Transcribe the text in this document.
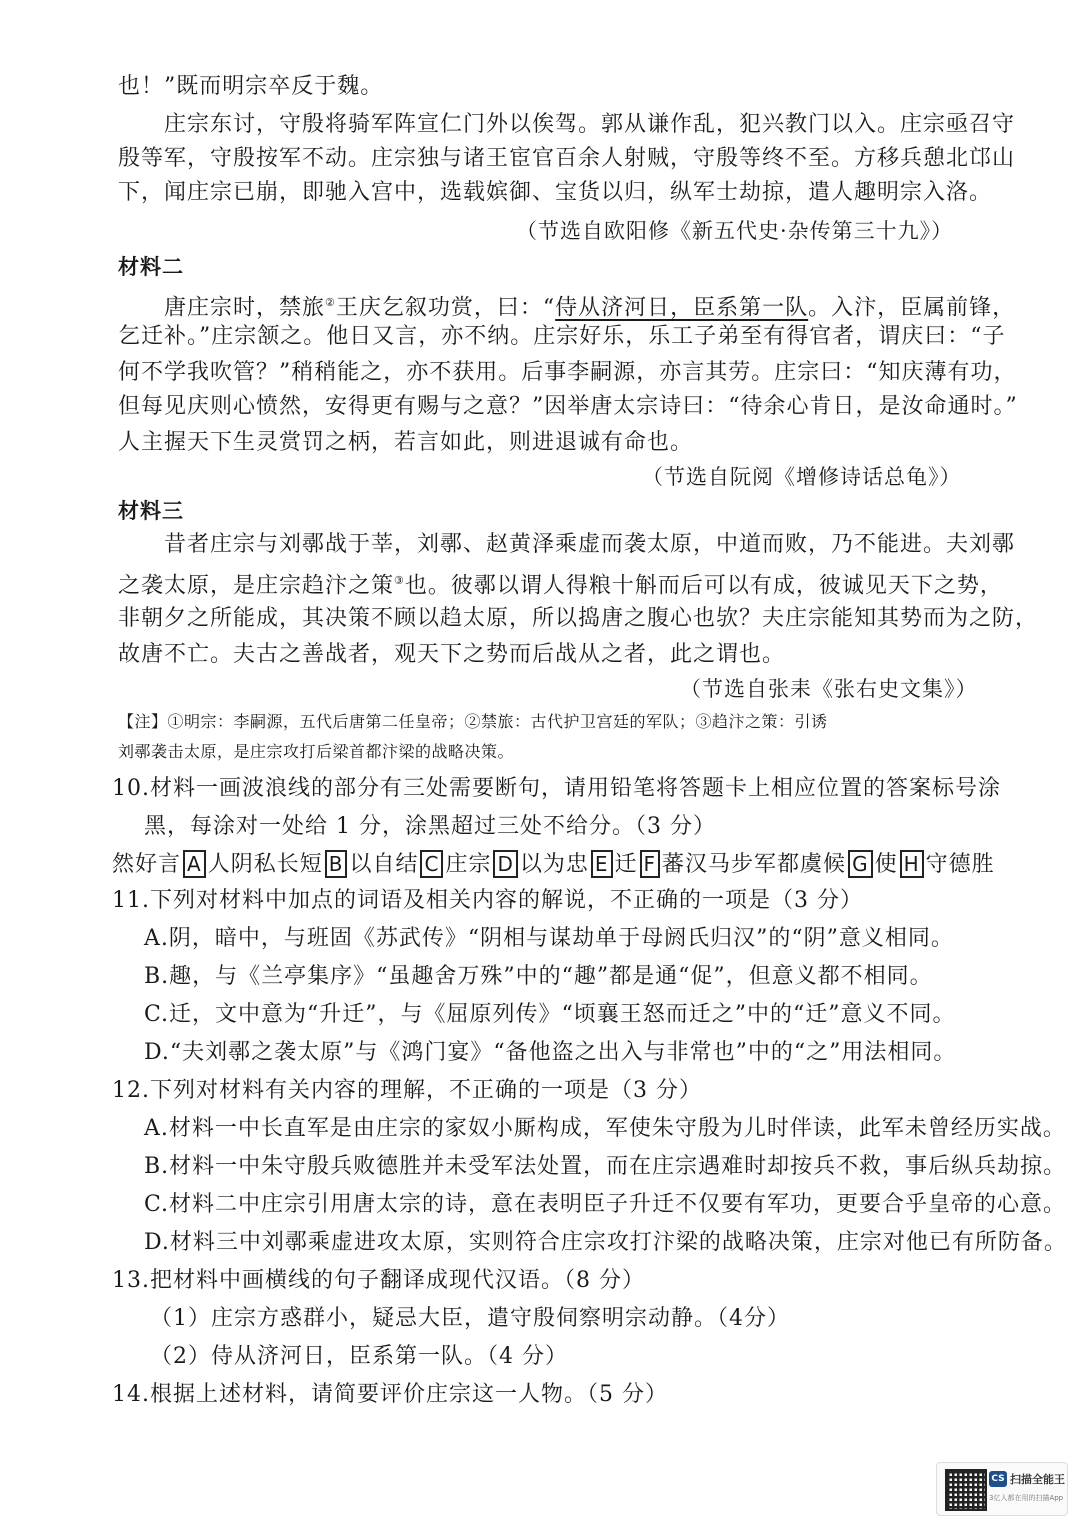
也！”既而明宗卒反于魏。
庄宗东讨，守殷将骑军阵宣仁门外以俟驾。郭从谦作乱，犯兴教门以入。庄宗亟召守
殷等军，守殷按军不动。庄宗独与诸王宦官百余人射贼，守殷等终不至。方移兵憩北邙山
下，闻庄宗已崩，即驰入宫中，选载嫔御、宝货以归，纵军士劫掠，遣人趣明宗入洛。
（节选自欧阳修《新五代史·杂传第三十九》）
材料二
唐庄宗时，禁旅②王庆乞叙功赏，曰：“侍从济河日，臣系第一队。入汴，臣属前锋，
乞迁补。”庄宗颔之。他日又言，亦不纳。庄宗好乐，乐工子弟至有得官者，谓庆曰：“子
何不学我吹管？”稍稍能之，亦不获用。后事李嗣源，亦言其劳。庄宗曰：“知庆薄有功，
但每见庆则心愤然，安得更有赐与之意？”因举唐太宗诗曰：“待余心肯日，是汝命通时。”
人主握天下生灵赏罚之柄，若言如此，则进退诚有命也。
（节选自阮阅《增修诗话总龟》）
材料三
昔者庄宗与刘鄩战于莘，刘鄩、赵黄泽乘虚而袭太原，中道而败，乃不能进。夫刘鄩
之袭太原，是庄宗趋汴之策③也。彼鄩以谓人得粮十斛而后可以有成，彼诚见天下之势，
非朝夕之所能成，其决策不顾以趋太原，所以捣唐之腹心也欤？夫庄宗能知其势而为之防，
故唐不亡。夫古之善战者，观天下之势而后战从之者，此之谓也。
（节选自张耒《张右史文集》）
【注】①明宗：李嗣源，五代后唐第二任皇帝；②禁旅：古代护卫宫廷的军队；③趋汴之策：引诱
刘鄩袭击太原，是庄宗攻打后梁首都汴梁的战略决策。
10.材料一画波浪线的部分有三处需要断句，请用铅笔将答题卡上相应位置的答案标号涂
黑，每涂对一处给 1 分，涂黑超过三处不给分。（3 分）
然好言 A 人阴私长短 B 以自结 C 庄宗 D 以为忠 E 迁 F 蕃汉马步军都虞候 G 使 H 守德胜
11.下列对材料中加点的词语及相关内容的解说，不正确的一项是（3 分）
A.阴，暗中，与班固《苏武传》“阴相与谋劫单于母阏氏归汉”的“阴”意义相同。
B.趣，与《兰亭集序》“虽趣舍万殊”中的“趣”都是通“促”，但意义都不相同。
C.迁，文中意为“升迁”，与《屈原列传》“顷襄王怒而迁之”中的“迁”意义不同。
D.“夫刘鄩之袭太原”与《鸿门宴》“备他盗之出入与非常也”中的“之”用法相同。
12.下列对材料有关内容的理解，不正确的一项是（3 分）
A.材料一中长直军是由庄宗的家奴小厮构成，军使朱守殷为儿时伴读，此军未曾经历实战。
B.材料一中朱守殷兵败德胜并未受军法处置，而在庄宗遇难时却按兵不救，事后纵兵劫掠。
C.材料二中庄宗引用唐太宗的诗，意在表明臣子升迁不仅要有军功，更要合乎皇帝的心意。
D.材料三中刘鄩乘虚进攻太原，实则符合庄宗攻打汴梁的战略决策，庄宗对他已有所防备。
13.把材料中画横线的句子翻译成现代汉语。（8 分）
（1）庄宗方惑群小，疑忌大臣，遣守殷伺察明宗动静。（4分）
（2）侍从济河日，臣系第一队。（4 分）
14.根据上述材料，请简要评价庄宗这一人物。（5 分）
CS 扫描全能王
3亿人都在用的扫描App
